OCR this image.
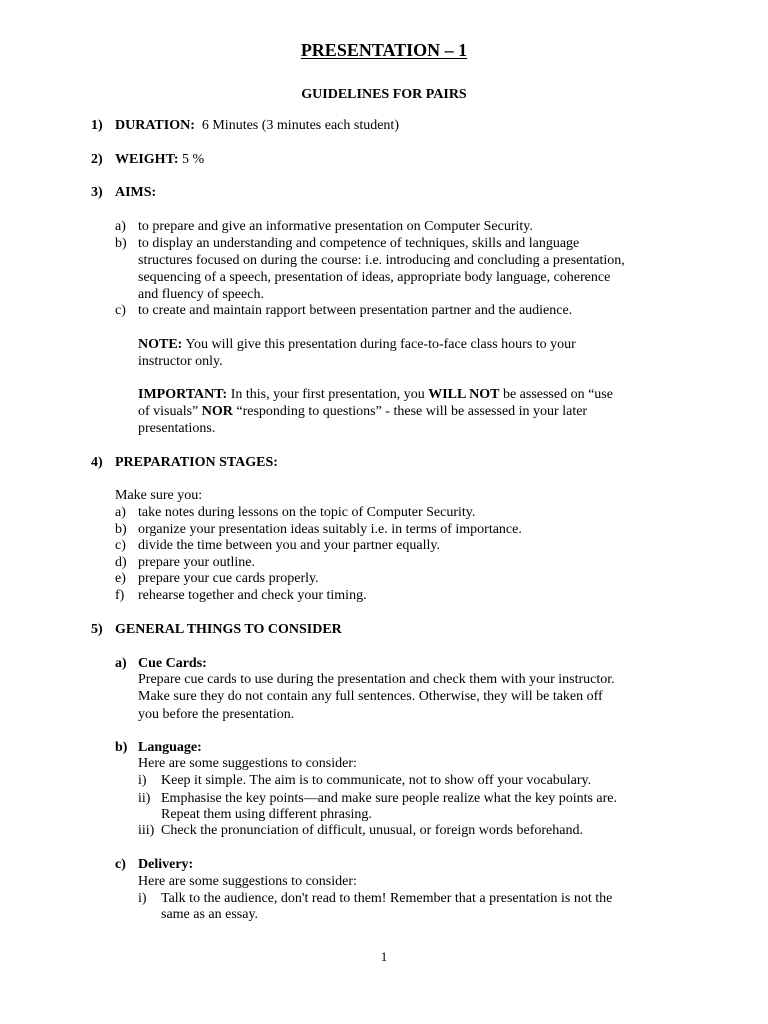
PRESENTATION – 1
GUIDELINES FOR PAIRS
1) DURATION: 6 Minutes (3 minutes each student)
2) WEIGHT: 5 %
3) AIMS:
a) to prepare and give an informative presentation on Computer Security.
b) to display an understanding and competence of techniques, skills and language
structures focused on during the course: i.e. introducing and concluding a presentation,
sequencing of a speech, presentation of ideas, appropriate body language, coherence
and fluency of speech.
c) to create and maintain rapport between presentation partner and the audience.
NOTE: You will give this presentation during face-to-face class hours to your
instructor only.
IMPORTANT: In this, your first presentation, you WILL NOT be assessed on “use
of visuals” NOR “responding to questions” - these will be assessed in your later
presentations.
4) PREPARATION STAGES:
Make sure you:
a) take notes during lessons on the topic of Computer Security.
b) organize your presentation ideas suitably i.e. in terms of importance.
c) divide the time between you and your partner equally.
d) prepare your outline.
e) prepare your cue cards properly.
f) rehearse together and check your timing.
5) GENERAL THINGS TO CONSIDER
a) Cue Cards:
Prepare cue cards to use during the presentation and check them with your instructor.
Make sure they do not contain any full sentences. Otherwise, they will be taken off
you before the presentation.
b) Language:
Here are some suggestions to consider:
i) Keep it simple. The aim is to communicate, not to show off your vocabulary.
ii) Emphasise the key points—and make sure people realize what the key points are.
Repeat them using different phrasing.
iii) Check the pronunciation of difficult, unusual, or foreign words beforehand.
c) Delivery:
Here are some suggestions to consider:
i) Talk to the audience, don't read to them! Remember that a presentation is not the
same as an essay.
1
